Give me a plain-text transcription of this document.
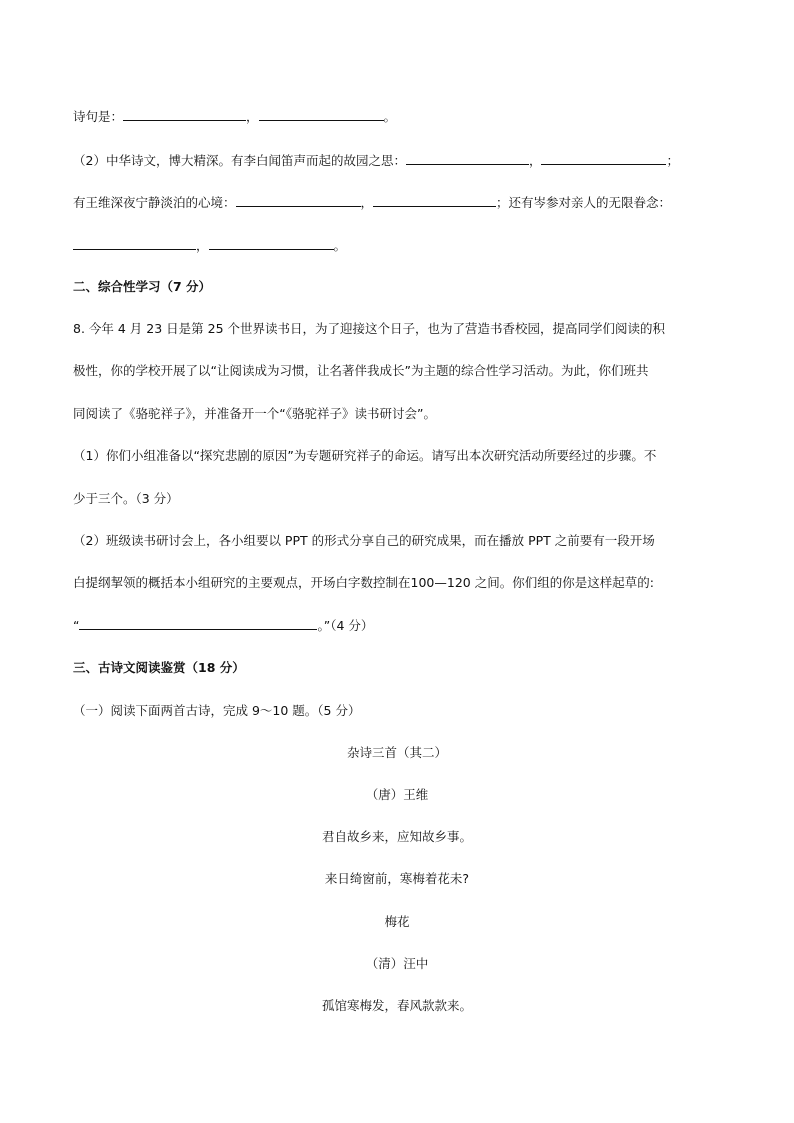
诗句是：	，	。
（2）中华诗文，博大精深。有李白闻笛声而起的故园之思：	，	；
有王维深夜宁静淡泊的心境：	，	；还有岑参对亲人的无限眷念：
，	。
二、综合性学习（7 分）
8. 今年 4 月 23 日是第 25 个世界读书日，为了迎接这个日子，也为了营造书香校园，提高同学们阅读的积
极性，你的学校开展了以“让阅读成为习惯，让名著伴我成长”为主题的综合性学习活动。为此，你们班共
同阅读了《骆驼祥子》，并准备开一个“《骆驼祥子》读书研讨会”。
（1）你们小组准备以“探究悲剧的原因”为专题研究祥子的命运。请写出本次研究活动所要经过的步骤。不
少于三个。（3 分）
（2）班级读书研讨会上，各小组要以 PPT 的形式分享自己的研究成果，而在播放 PPT 之前要有一段开场
白提纲挈领的概括本小组研究的主要观点，开场白字数控制在100—120 之间。你们组的你是这样起草的:
“	。”（4 分）
三、古诗文阅读鉴赏（18 分）
（一）阅读下面两首古诗，完成 9～10 题。（5 分）
杂诗三首（其二）
（唐）王维
君自故乡来，应知故乡事。
来日绮窗前，寒梅着花未?
梅花
（清）汪中
孤馆寒梅发，春风款款来。
